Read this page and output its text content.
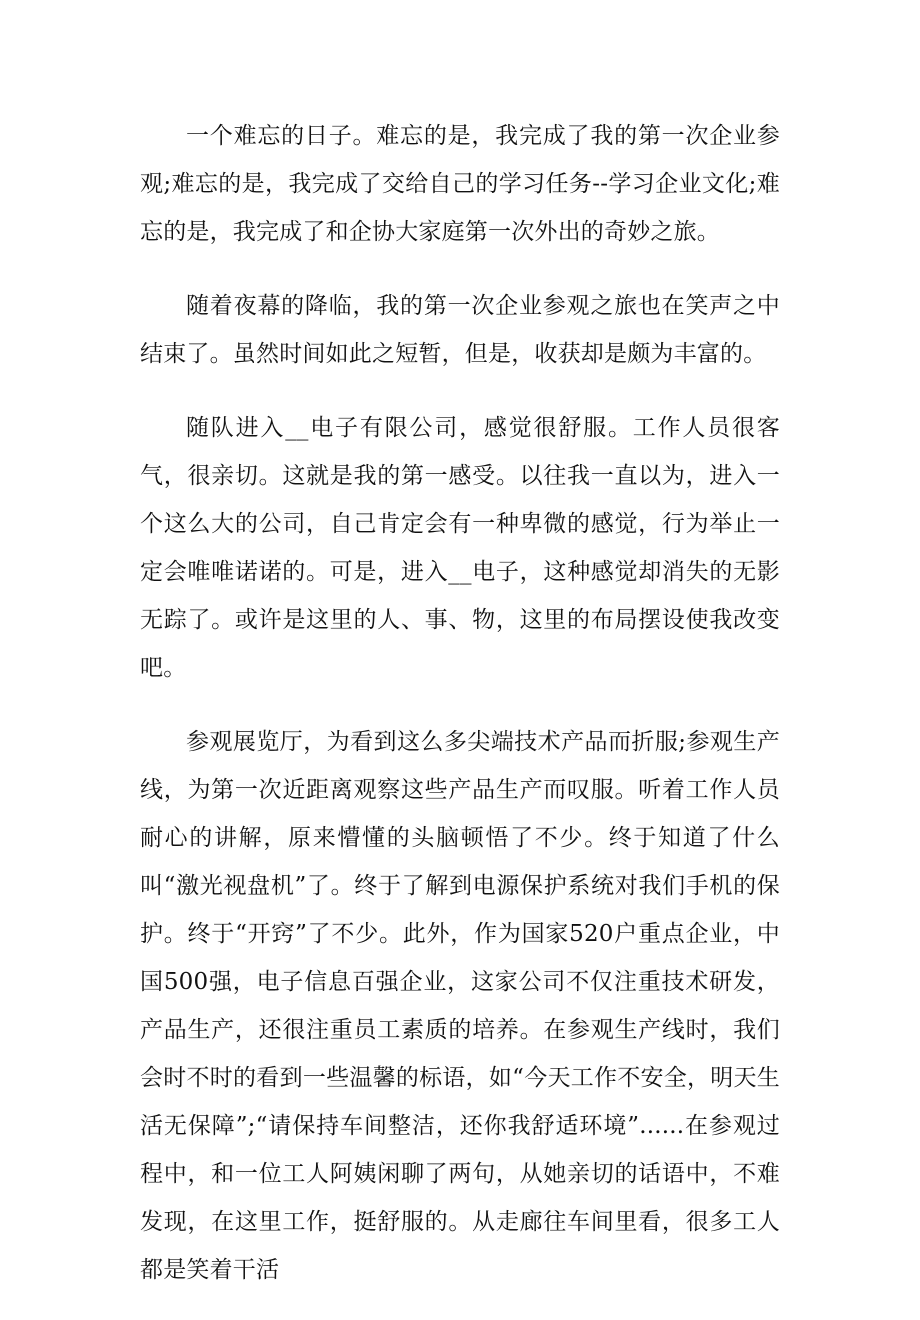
一个难忘的日子。难忘的是，我完成了我的第一次企业参观;难忘的是，我完成了交给自己的学习任务--学习企业文化;难忘的是，我完成了和企协大家庭第一次外出的奇妙之旅。

随着夜幕的降临，我的第一次企业参观之旅也在笑声之中结束了。虽然时间如此之短暂，但是，收获却是颇为丰富的。

随队进入__电子有限公司，感觉很舒服。工作人员很客气，很亲切。这就是我的第一感受。以往我一直以为，进入一个这么大的公司，自己肯定会有一种卑微的感觉，行为举止一定会唯唯诺诺的。可是，进入__电子，这种感觉却消失的无影无踪了。或许是这里的人、事、物，这里的布局摆设使我改变吧。

参观展览厅，为看到这么多尖端技术产品而折服;参观生产线，为第一次近距离观察这些产品生产而叹服。听着工作人员耐心的讲解，原来懵懂的头脑顿悟了不少。终于知道了什么叫“激光视盘机”了。终于了解到电源保护系统对我们手机的保护。终于“开窍”了不少。此外，作为国家520户重点企业，中国500强，电子信息百强企业，这家公司不仅注重技术研发，产品生产，还很注重员工素质的培养。在参观生产线时，我们会时不时的看到一些温馨的标语，如“今天工作不安全，明天生活无保障”;“请保持车间整洁，还你我舒适环境”......在参观过程中，和一位工人阿姨闲聊了两句，从她亲切的话语中，不难发现，在这里工作，挺舒服的。从走廊往车间里看，很多工人都是笑着干活
